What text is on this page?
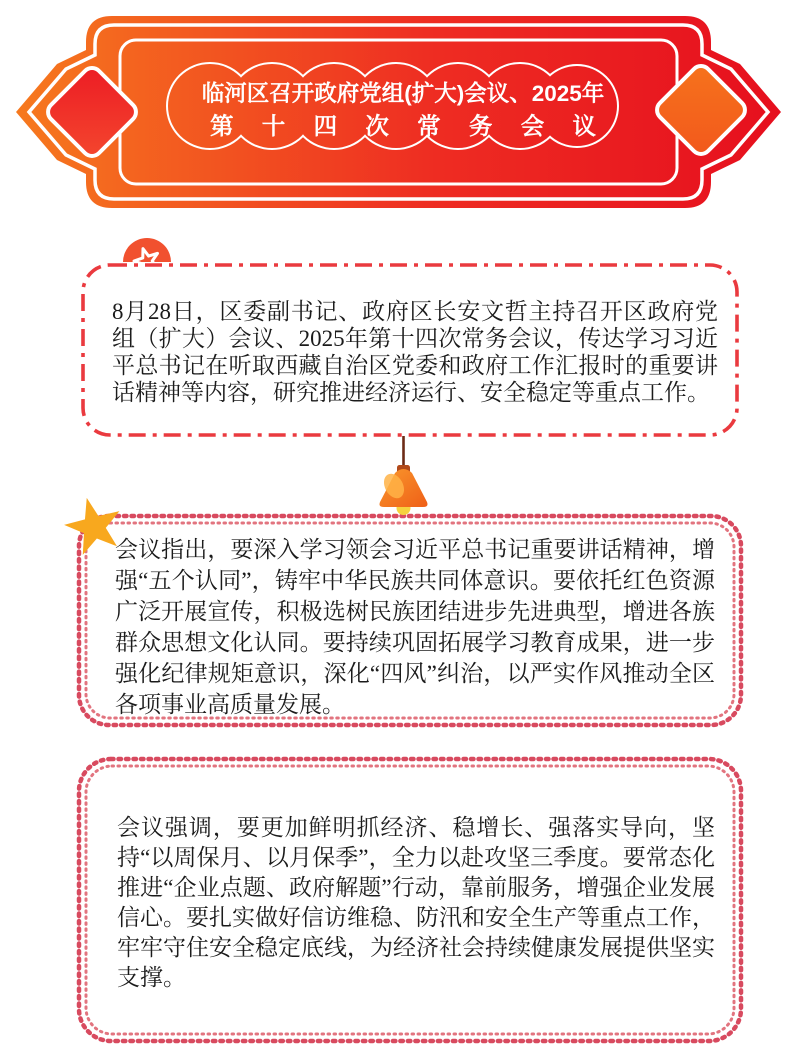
临河区召开政府党组(扩大)会议、2025年
第十四次常务会议
8月28日，区委副书记、政府区长安文哲主持召开区政府党组（扩大）会议、2025年第十四次常务会议，传达学习习近平总书记在听取西藏自治区党委和政府工作汇报时的重要讲话精神等内容，研究推进经济运行、安全稳定等重点工作。
会议指出，要深入学习领会习近平总书记重要讲话精神，增强“五个认同”，铸牢中华民族共同体意识。要依托红色资源广泛开展宣传，积极选树民族团结进步先进典型，增进各族群众思想文化认同。要持续巩固拓展学习教育成果，进一步强化纪律规矩意识，深化“四风”纠治，以严实作风推动全区各项事业高质量发展。
会议强调，要更加鲜明抓经济、稳增长、强落实导向，坚持“以周保月、以月保季”，全力以赴攻坚三季度。要常态化推进“企业点题、政府解题”行动，靠前服务，增强企业发展信心。要扎实做好信访维稳、防汛和安全生产等重点工作，牢牢守住安全稳定底线，为经济社会持续健康发展提供坚实支撑。
